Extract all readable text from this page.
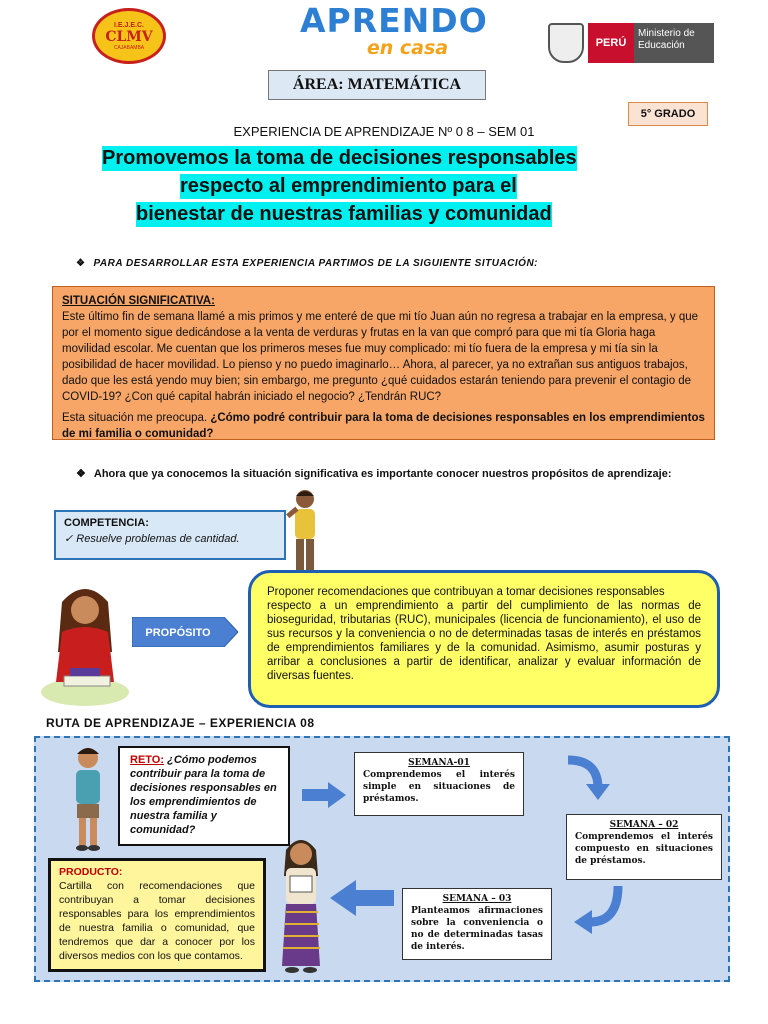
I.E.J.E.C.
CLMV
CAJABAMBA
APRENDO
en casa	PERÚ
Ministerio de Educación
ÁREA: MATEMÁTICA
5° GRADO
EXPERIENCIA DE APRENDIZAJE Nº 0 8 – SEM 01
Promovemos la toma de decisiones responsables
respecto al emprendimiento para el
bienestar de nuestras familias y comunidad
❖ PARA DESARROLLAR ESTA EXPERIENCIA PARTIMOS DE LA SIGUIENTE SITUACIÓN:
SITUACIÓN SIGNIFICATIVA:
Este último fin de semana llamé a mis primos y me enteré de que mi tío Juan aún no regresa a trabajar en la empresa, y que por el momento sigue dedicándose a la venta de verduras y frutas en la van que compró para que mi tía Gloria haga movilidad escolar. Me cuentan que los primeros meses fue muy complicado: mi tío fuera de la empresa y mi tía sin la posibilidad de hacer movilidad. Lo pienso y no puedo imaginarlo… Ahora, al parecer, ya no extrañan sus antiguos trabajos, dado que les está yendo muy bien; sin embargo, me pregunto ¿qué cuidados estarán teniendo para prevenir el contagio de COVID-19? ¿Con qué capital habrán iniciado el negocio? ¿Tendrán RUC?
Esta situación me preocupa. ¿Cómo podré contribuir para la toma de decisiones responsables en los emprendimientos de mi familia o comunidad?
❖ Ahora que ya conocemos la situación significativa es importante conocer nuestros propósitos de aprendizaje:
COMPETENCIA:
✓ Resuelve problemas de cantidad.
PROPÓSITO
Proponer recomendaciones que contribuyan a tomar decisiones responsables
respecto a un emprendimiento a partir del cumplimiento de las normas de bioseguridad, tributarias (RUC), municipales (licencia de funcionamiento), el uso de sus recursos y la conveniencia o no de determinadas tasas de interés en préstamos de emprendimientos familiares y de la comunidad. Asimismo, asumir posturas y arribar a conclusiones a partir de identificar, analizar y evaluar información de diversas fuentes.
RUTA DE APRENDIZAJE – EXPERIENCIA 08
RETO: ¿Cómo podemos contribuir para la toma de decisiones responsables en los emprendimientos de nuestra familia y comunidad?
SEMANA-01
Comprendemos el interés simple en situaciones de préstamos.
SEMANA – 02
Comprendemos el interés compuesto en situaciones de préstamos.
SEMANA – 03
Planteamos afirmaciones sobre la conveniencia o no de determinadas tasas de interés.
PRODUCTO:
Cartilla con recomendaciones que contribuyan a tomar decisiones responsables para los emprendimientos de nuestra familia o comunidad, que tendremos que dar a conocer por los diversos medios con los que contamos.
